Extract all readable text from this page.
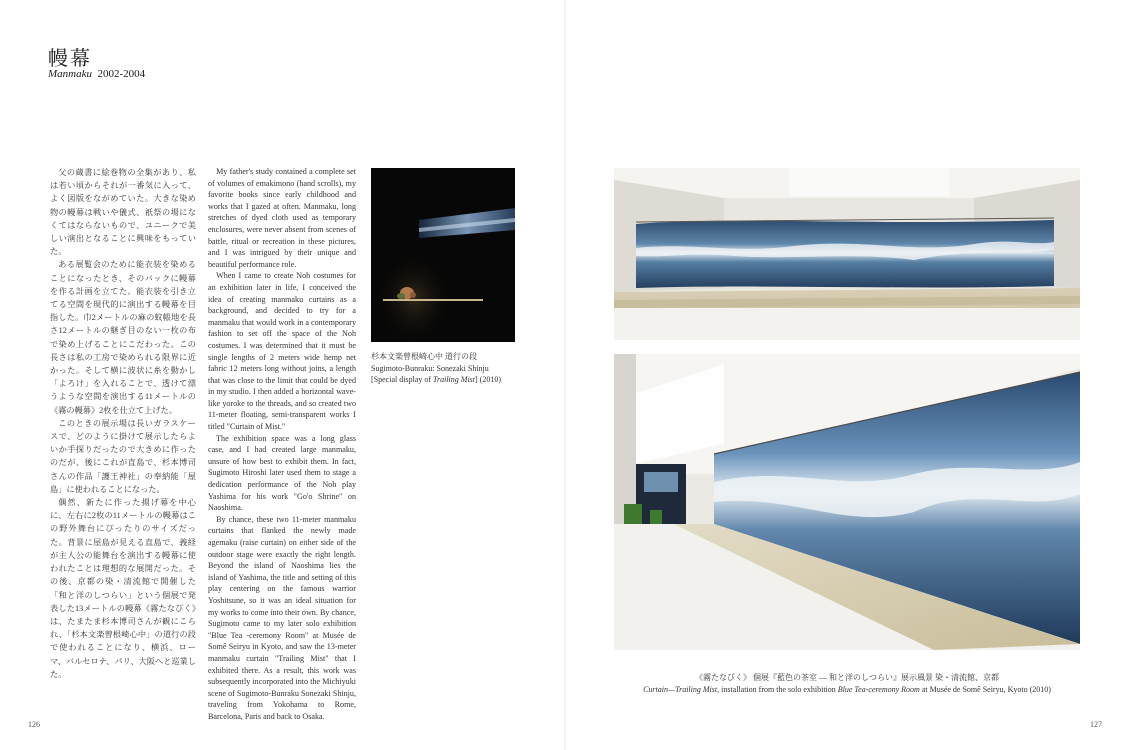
幔幕
Manmaku 2002-2004

父の蔵書に絵巻物の全集があり、私は若い頃からそれが一番気に入って、よく図版をながめていた。大きな染め物の幔幕は戦いや儀式、祇祭の場になくてはならないもので、ユニークで美しい演出となることに興味をもっていた。

ある展覧会のために能衣装を染めることになったとき、そのバックに幔幕を作る計画を立てた。能衣装を引き立てる空間を現代的に演出する幔幕を目指した。巾2メートルの麻の蚊帳地を長さ12メートルの継ぎ目のない一枚の布で染め上げることにこだわった。この長さは私の工房で染められる限界に近かった。そして横に波状に糸を動かし「よろけ」を入れることで、透けて漂うような空間を演出する11メートルの《霧の幔幕》2枚を仕立て上げた。

このときの展示場は長いガラスケースで、どのように掛けて展示したらよいか手探りだったので大きめに作ったのだが、後にこれが直島で、杉本博司さんの作品「護王神社」の奉納能「屋島」に使われることになった。

偶然、新たに作った揚げ幕を中心に、左右に2枚の11メートルの幔幕はこの野外舞台にぴったりのサイズだった。背景に屋島が見える直島で、義経が主人公の能舞台を演出する幔幕に使われたことは理想的な展開だった。その後、京都の染・清流館で開催した「和と洋のしつらい」という個展で発表した13メートルの幔幕《霧たなびく》は、たまたま杉本博司さんが観にこられ、「杉本文楽曾根崎心中」の道行の段で使われることになり、横浜、ローマ、バルセロナ、パリ、大阪へと巡業した。

My father's study contained a complete set of volumes of emakimono (hand scrolls), my favorite books since early childhood and works that I gazed at often. Manmaku, long stretches of dyed cloth used as temporary enclosures, were never absent from scenes of battle, ritual or recreation in these pictures, and I was intrigued by their unique and beautiful performance role.

When I came to create Noh costumes for an exhibition later in life, I conceived the idea of creating manmaku curtains as a background, and decided to try for a manmaku that would work in a contemporary fashion to set off the space of the Noh costumes. I was determined that it must be single lengths of 2 meters wide hemp net fabric 12 meters long without joins, a length that was close to the limit that could be dyed in my studio. I then added a horizontal wave-like yoroke to the threads, and so created two 11-meter floating, semi-transparent works I titled "Curtain of Mist."

The exhibition space was a long glass case, and I had created large manmaku, unsure of how best to exhibit them. In fact, Sugimoto Hiroshi later used them to stage a dedication performance of the Noh play Yashima for his work "Go'o Shrine" on Naoshima.

By chance, these two 11-meter manmaku curtains that flanked the newly made agemaku (raise curtain) on either side of the outdoor stage were exactly the right length. Beyond the island of Naoshima lies the island of Yashima, the title and setting of this play centering on the famous warrior Yoshitsune, so it was an ideal situation for my works to come into their own. By chance, Sugimoto came to my later solo exhibition "Blue Tea -ceremony Room" at Musée de Somê Seiryu in Kyoto, and saw the 13-meter manmaku curtain "Trailing Mist" that I exhibited there. As a result, this work was subsequently incorporated into the Michiyuki scene of Sugimoto-Bunraku Sonezaki Shinju, traveling from Yokohama to Rome, Barcelona, Paris and back to Osaka.

杉本文楽曾根崎心中 道行の段
Sugimoto-Bunraku: Sonezaki Shinju
[Special display of Trailing Mist] (2010)
《霧たなびく》 個展『藍色の茶室 ― 和と洋のしつらい』展示風景 染・清流館、京都
Curtain—Trailing Mist, installation from the solo exhibition Blue Tea-ceremony Room at Musée de Somê Seiryu, Kyoto (2010)
126	127
